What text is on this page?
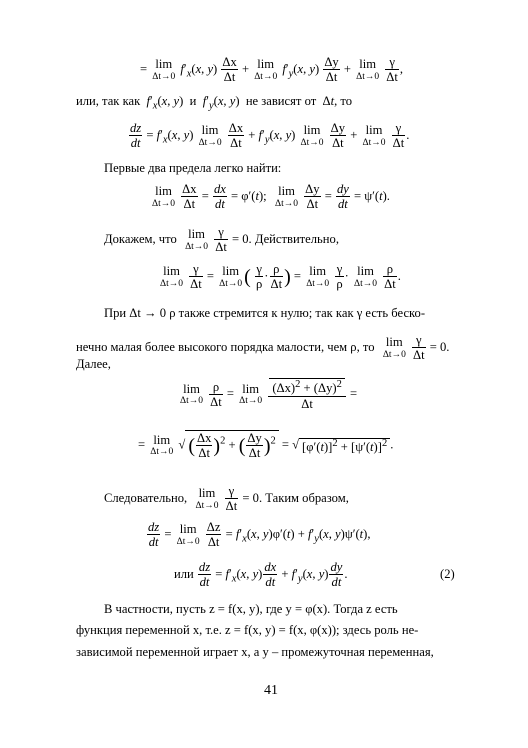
= lim
Δt→0
$f'_x(x$, $y) \frac{\Delta x}{\Delta t} + \lim$
Δt→0
$f'_y(x$, $y) \frac{\Delta y}{\Delta t} + \lim$
Δt→0
$\frac{\gamma}{\Delta t}$ ,
или, так как $f'_x(x$, y)  и $f'_y(x$, y)  не зависят от  Δt, то
$\frac{dz}{dt} = f'_x(x$, y) lim
Δt→0
$\frac{\Delta x}{\Delta t} + f'_y(x$, y) lim
Δt→0
$\frac{\Delta y}{\Delta t} + \lim$
Δt→0
$\frac{\gamma}{\Delta t}$ .
Первые два предела легко найти:
lim
Δt→0
$\frac{\Delta x}{\Delta t} = \frac{dx}{dt} = \varphi'(t)$; lim
Δt→0
$\frac{\Delta y}{\Delta t} = \frac{dy}{dt} = \psi'(t)$.
Докажем, что lim
Δt→0
$\frac{\gamma}{\Delta t} = 0$. Действительно,
lim
Δt→0
$\frac{\gamma}{\Delta t} = \lim$
Δt→0 ( $\frac{\gamma}{\rho} \cdot \frac{\rho}{\Delta t}$ ) = lim
Δt→0
$\frac{\gamma}{\rho} \cdot \lim$
Δt→0
$\frac{\rho}{\Delta t}$ .
При Δt → 0 ρ также стремится к нулю; так как γ есть беско-
нечно малая более высокого порядка малости, чем ρ, то lim
Δt→0
$\frac{\gamma}{\Delta t} = 0$.
Далее,
lim
Δt→0
$\frac{\rho}{\Delta t} = \lim$
Δt→0
$\frac{(\Delta x)^2 + (\Delta y)^2}{\Delta t}$ =
= lim
Δt→0
√ ( $\frac{\Delta x}{\Delta t} )^2$ + ( $\frac{\Delta y}{\Delta t} )^2$ = √ $[\varphi'(t)]^2 + [\psi'(t)]^2$ .
Следовательно, lim
Δt→0
$\frac{\gamma}{\Delta t} = 0$. Таким образом,
$\frac{dz}{dt} = \lim$
Δt→0
$\frac{\Delta z}{\Delta t} = f'_x(x$, $y)\varphi'(t) + f'_y(x$, y)ψ′(t),
или $\frac{dz}{dt} = f'_x(x$, $y) \frac{dx}{dt} + f'_y(x$, $y) \frac{dy}{dt}$ .	(2)
В частности, пусть z = f(x, y), где y = φ(x). Тогда z есть
функция переменной x, т.е. z = f(x, y) = f(x, φ(x)); здесь роль не-
зависимой переменной играет x, а y – промежуточная переменная,
41
